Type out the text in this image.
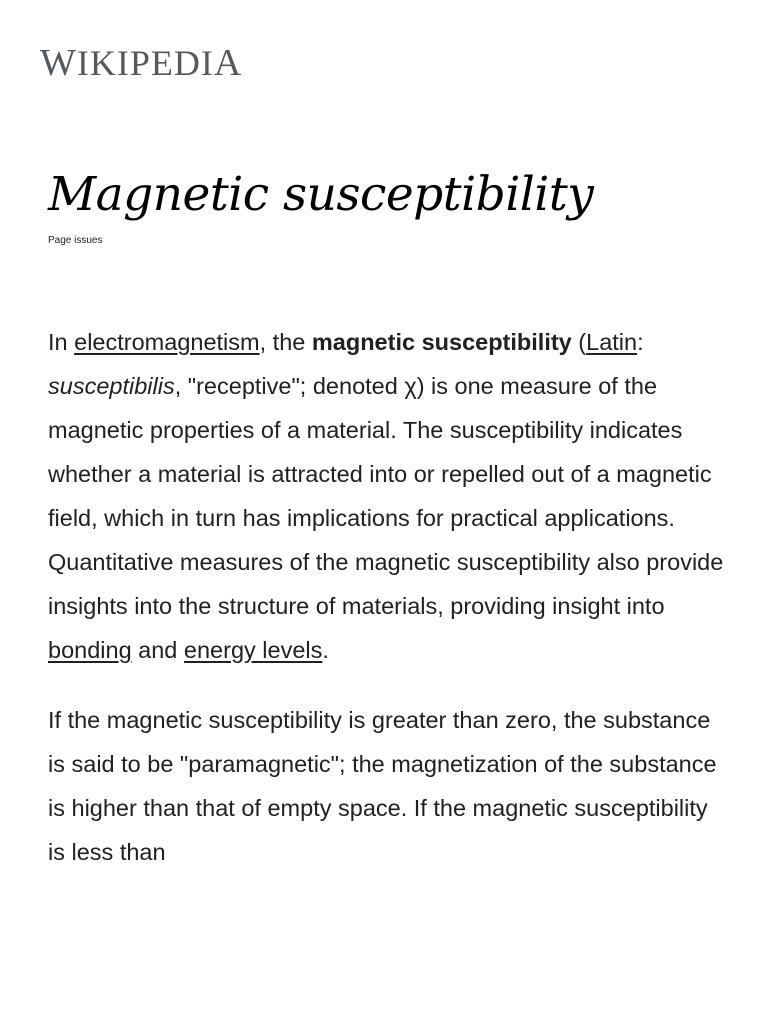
WIKIPEDIA
Magnetic susceptibility
Page issues

In electromagnetism, the magnetic susceptibility (Latin: susceptibilis, "receptive"; denoted χ) is one measure of the magnetic properties of a material. The susceptibility indicates whether a material is attracted into or repelled out of a magnetic field, which in turn has implications for practical applications. Quantitative measures of the magnetic susceptibility also provide insights into the structure of materials, providing insight into bonding and energy levels.

If the magnetic susceptibility is greater than zero, the substance is said to be "paramagnetic"; the magnetization of the substance is higher than that of empty space. If the magnetic susceptibility is less than
